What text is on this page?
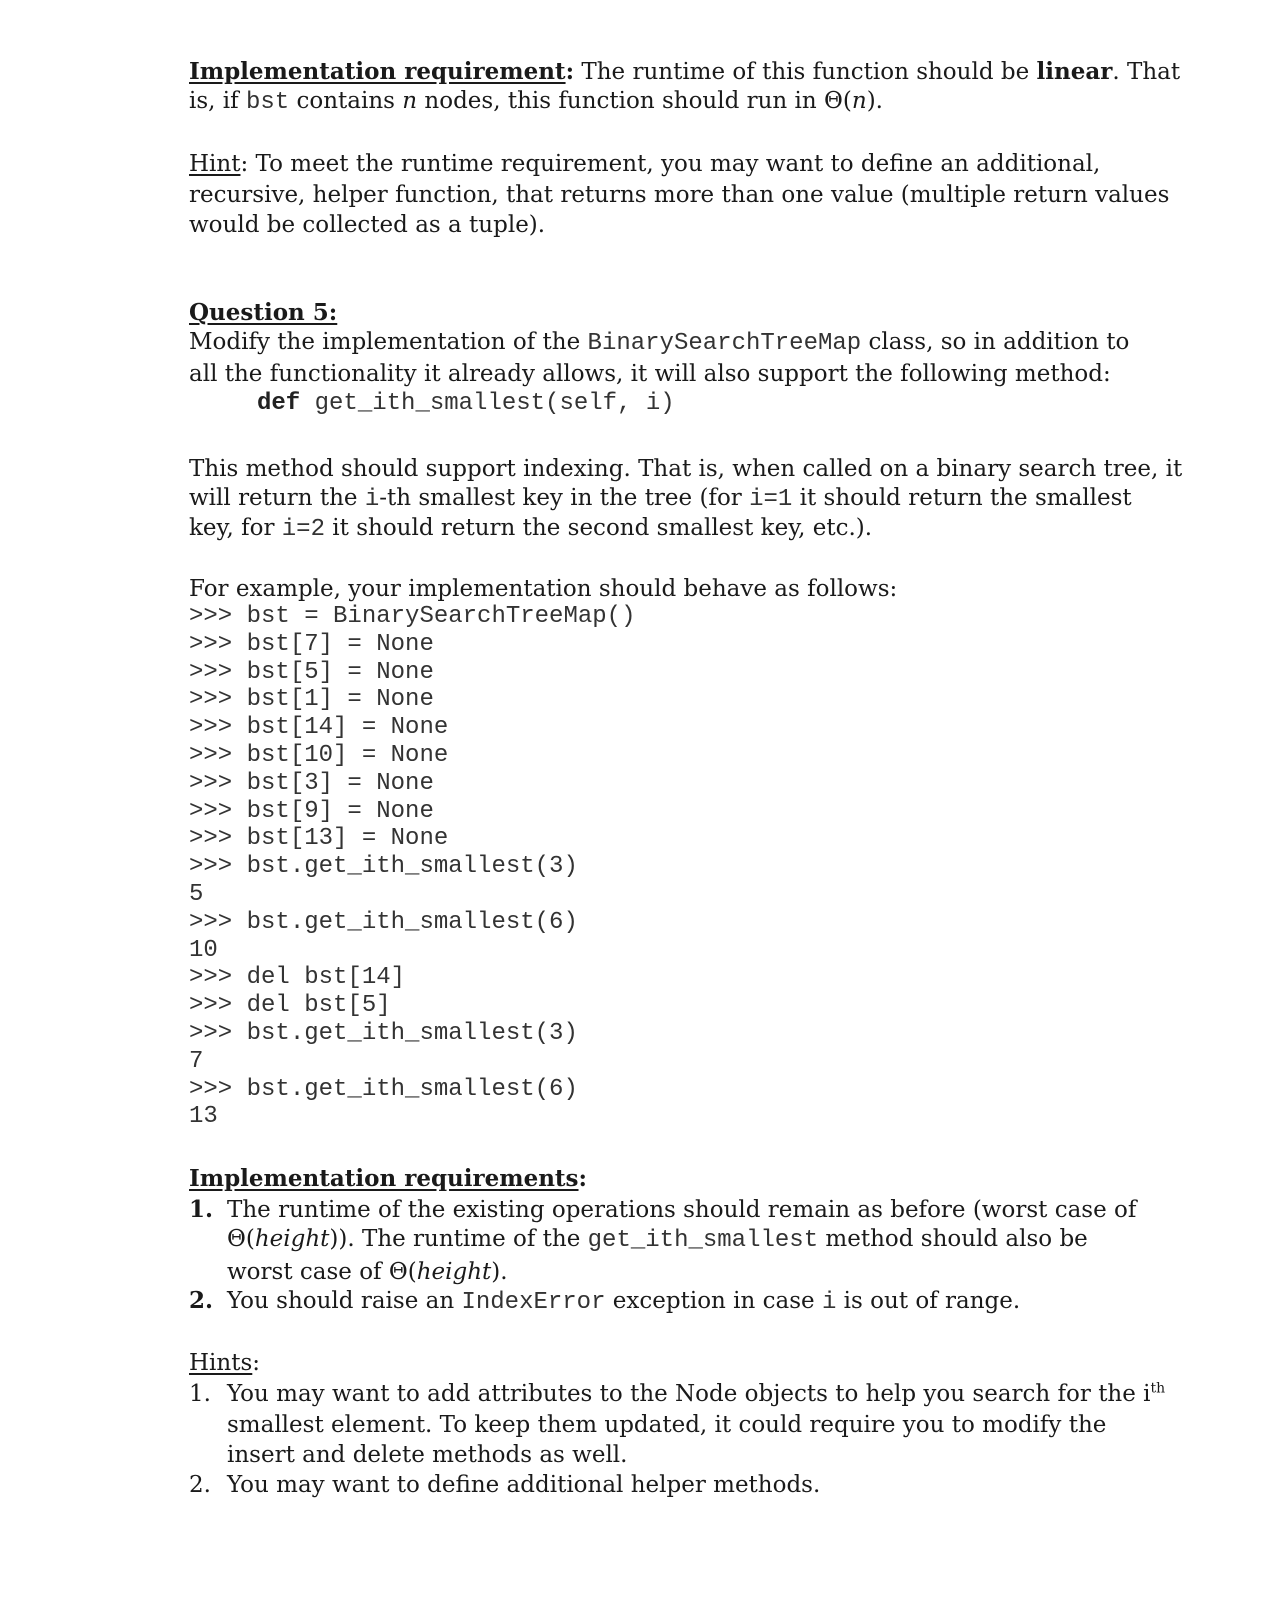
Implementation requirement: The runtime of this function should be linear. That
is, if bst contains n nodes, this function should run in Θ(n).
Hint: To meet the runtime requirement, you may want to define an additional,
recursive, helper function, that returns more than one value (multiple return values
would be collected as a tuple).
Question 5:
Modify the implementation of the BinarySearchTreeMap class, so in addition to
all the functionality it already allows, it will also support the following method:
def get_ith_smallest(self, i)
This method should support indexing. That is, when called on a binary search tree, it
will return the i-th smallest key in the tree (for i=1 it should return the smallest
key, for i=2 it should return the second smallest key, etc.).
For example, your implementation should behave as follows:
>>> bst = BinarySearchTreeMap()
>>> bst[7] = None
>>> bst[5] = None
>>> bst[1] = None
>>> bst[14] = None
>>> bst[10] = None
>>> bst[3] = None
>>> bst[9] = None
>>> bst[13] = None
>>> bst.get_ith_smallest(3)
5
>>> bst.get_ith_smallest(6)
10
>>> del bst[14]
>>> del bst[5]
>>> bst.get_ith_smallest(3)
7
>>> bst.get_ith_smallest(6)
13
Implementation requirements:
1. The runtime of the existing operations should remain as before (worst case of
Θ(height)). The runtime of the get_ith_smallest method should also be
worst case of Θ(height).
2. You should raise an IndexError exception in case i is out of range.
Hints:
1. You may want to add attributes to the Node objects to help you search for the $i^{th}$
smallest element. To keep them updated, it could require you to modify the
insert and delete methods as well.
2. You may want to define additional helper methods.
